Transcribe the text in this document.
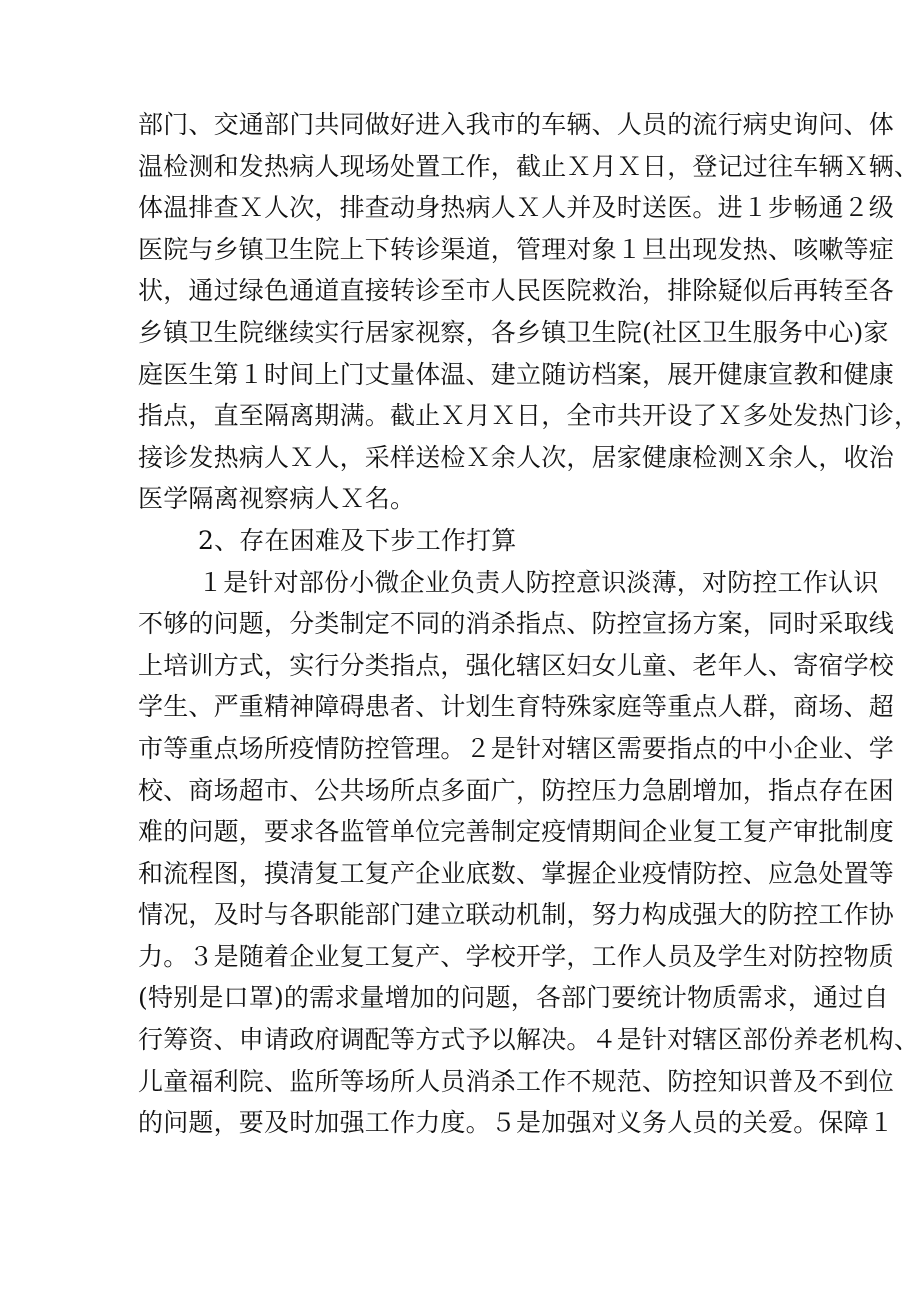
部门、交通部门共同做好进入我市的车辆、人员的流行病史询问、体
温检测和发热病人现场处置工作，截止Ｘ月Ｘ日，登记过往车辆Ｘ辆、
体温排查Ｘ人次，排查动身热病人Ｘ人并及时送医。进１步畅通２级
医院与乡镇卫生院上下转诊渠道，管理对象１旦出现发热、咳嗽等症
状，通过绿色通道直接转诊至市人民医院救治，排除疑似后再转至各
乡镇卫生院继续实行居家视察，各乡镇卫生院(社区卫生服务中心)家
庭医生第１时间上门丈量体温、建立随访档案，展开健康宣教和健康
指点，直至隔离期满。截止Ｘ月Ｘ日，全市共开设了Ｘ多处发热门诊，
接诊发热病人Ｘ人，采样送检Ｘ余人次，居家健康检测Ｘ余人，收治
医学隔离视察病人Ｘ名。
2、存在困难及下步工作打算
１是针对部份小微企业负责人防控意识淡薄，对防控工作认识
不够的问题，分类制定不同的消杀指点、防控宣扬方案，同时采取线
上培训方式，实行分类指点，强化辖区妇女儿童、老年人、寄宿学校
学生、严重精神障碍患者、计划生育特殊家庭等重点人群，商场、超
市等重点场所疫情防控管理。２是针对辖区需要指点的中小企业、学
校、商场超市、公共场所点多面广，防控压力急剧增加，指点存在困
难的问题，要求各监管单位完善制定疫情期间企业复工复产审批制度
和流程图，摸清复工复产企业底数、掌握企业疫情防控、应急处置等
情况，及时与各职能部门建立联动机制，努力构成强大的防控工作协
力。３是随着企业复工复产、学校开学，工作人员及学生对防控物质
(特别是口罩)的需求量增加的问题，各部门要统计物质需求，通过自
行筹资、申请政府调配等方式予以解决。４是针对辖区部份养老机构、
儿童福利院、监所等场所人员消杀工作不规范、防控知识普及不到位
的问题，要及时加强工作力度。５是加强对义务人员的关爱。保障１
